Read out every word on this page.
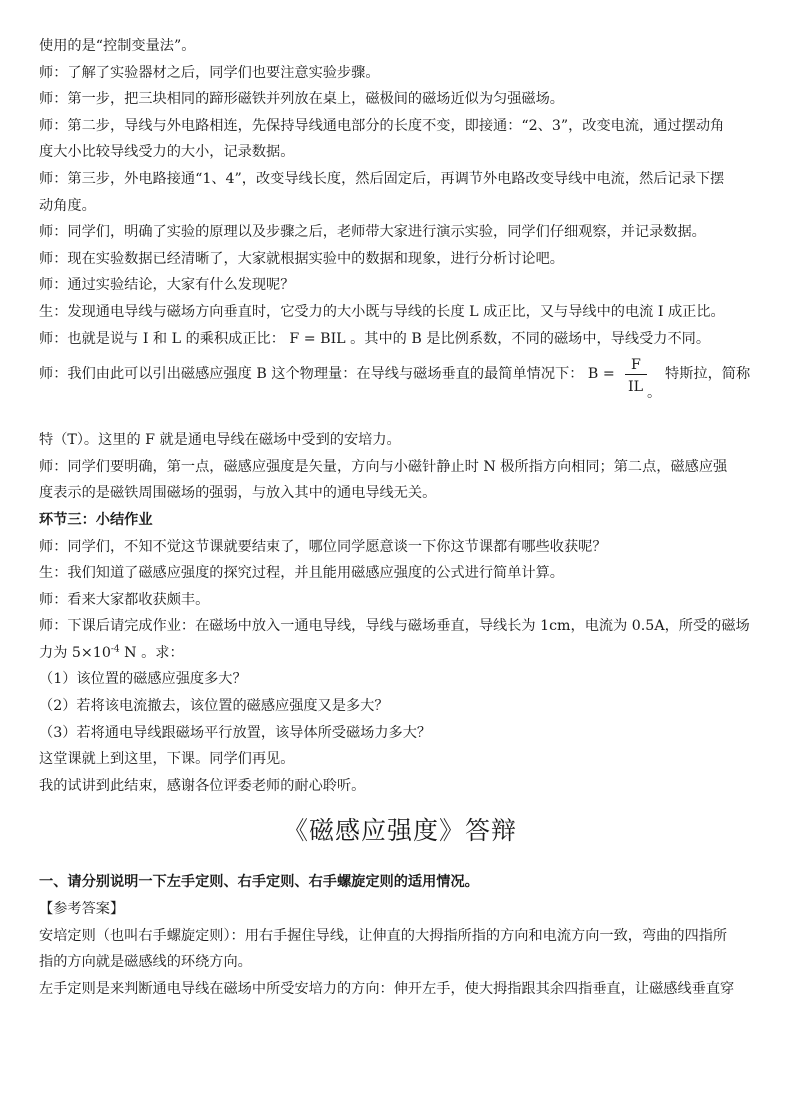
使用的是“控制变量法”。

师：了解了实验器材之后，同学们也要注意实验步骤。

师：第一步，把三块相同的蹄形磁铁并列放在桌上，磁极间的磁场近似为匀强磁场。

师：第二步，导线与外电路相连，先保持导线通电部分的长度不变，即接通：“2、3”，改变电流，通过摆动角

度大小比较导线受力的大小，记录数据。

师：第三步，外电路接通“1、4”，改变导线长度，然后固定后，再调节外电路改变导线中电流，然后记录下摆

动角度。

师：同学们，明确了实验的原理以及步骤之后，老师带大家进行演示实验，同学们仔细观察，并记录数据。

师：现在实验数据已经清晰了，大家就根据实验中的数据和现象，进行分析讨论吧。

师：通过实验结论，大家有什么发现呢？

生：发现通电导线与磁场方向垂直时，它受力的大小既与导线的长度 L 成正比，又与导线中的电流 I 成正比。

师：也就是说与 I 和 L 的乘积成正比： F = BIL 。其中的 B 是比例系数，不同的磁场中，导线受力不同。

师：我们由此可以引出磁感应强度 B 这个物理量：在导线与磁场垂直的最简单情况下： B =
F
IL 。
特斯拉，简称

特（T）。这里的 F 就是通电导线在磁场中受到的安培力。

师：同学们要明确，第一点，磁感应强度是矢量，方向与小磁针静止时 N 极所指方向相同；第二点，磁感应强

度表示的是磁铁周围磁场的强弱，与放入其中的通电导线无关。

环节三：小结作业

师：同学们，不知不觉这节课就要结束了，哪位同学愿意谈一下你这节课都有哪些收获呢？

生：我们知道了磁感应强度的探究过程，并且能用磁感应强度的公式进行简单计算。

师：看来大家都收获颇丰。

师：下课后请完成作业：在磁场中放入一通电导线，导线与磁场垂直，导线长为 1cm，电流为 0.5A，所受的磁场

力为 $5\times 10^{-4}$ N 。求：

（1）该位置的磁感应强度多大？

（2）若将该电流撤去，该位置的磁感应强度又是多大？

（3）若将通电导线跟磁场平行放置，该导体所受磁场力多大？

这堂课就上到这里，下课。同学们再见。

我的试讲到此结束，感谢各位评委老师的耐心聆听。

《磁感应强度》答辩

一、请分别说明一下左手定则、右手定则、右手螺旋定则的适用情况。

【参考答案】

安培定则（也叫右手螺旋定则）：用右手握住导线，让伸直的大拇指所指的方向和电流方向一致，弯曲的四指所

指的方向就是磁感线的环绕方向。

左手定则是来判断通电导线在磁场中所受安培力的方向：伸开左手，使大拇指跟其余四指垂直，让磁感线垂直穿
